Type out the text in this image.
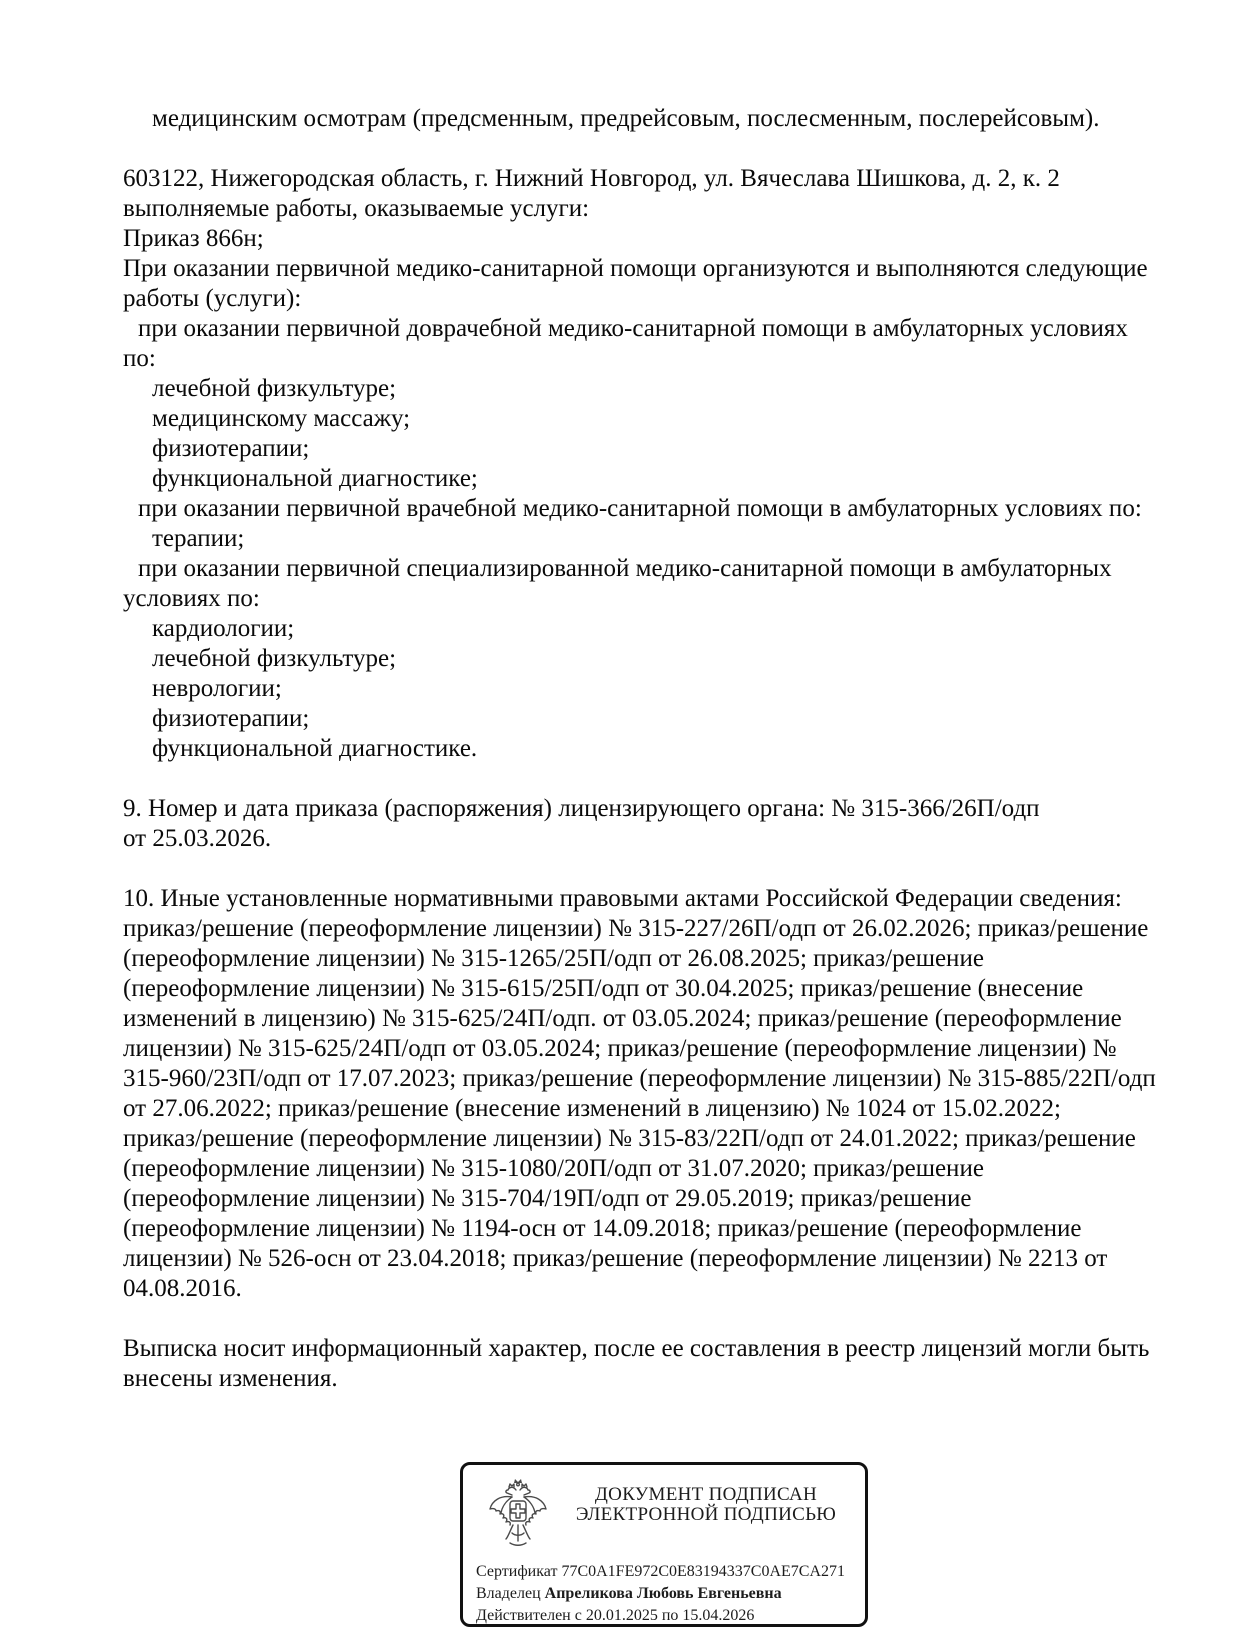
медицинским осмотрам (предсменным, предрейсовым, послесменным, послерейсовым).
603122, Нижегородская область, г. Нижний Новгород, ул. Вячеслава Шишкова, д. 2, к. 2
выполняемые работы, оказываемые услуги:
Приказ 866н;
При оказании первичной медико-санитарной помощи организуются и выполняются следующие
работы (услуги):
при оказании первичной доврачебной медико-санитарной помощи в амбулаторных условиях
по:
лечебной физкультуре;
медицинскому массажу;
физиотерапии;
функциональной диагностике;
при оказании первичной врачебной медико-санитарной помощи в амбулаторных условиях по:
терапии;
при оказании первичной специализированной медико-санитарной помощи в амбулаторных
условиях по:
кардиологии;
лечебной физкультуре;
неврологии;
физиотерапии;
функциональной диагностике.
9. Номер и дата приказа (распоряжения) лицензирующего органа: № 315-366/26П/одп
от 25.03.2026.
10. Иные установленные нормативными правовыми актами Российской Федерации сведения:
приказ/решение (переоформление лицензии) № 315-227/26П/одп от 26.02.2026; приказ/решение
(переоформление лицензии) № 315-1265/25П/одп от 26.08.2025; приказ/решение
(переоформление лицензии) № 315-615/25П/одп от 30.04.2025; приказ/решение (внесение
изменений в лицензию) № 315-625/24П/одп. от 03.05.2024; приказ/решение (переоформление
лицензии) № 315-625/24П/одп от 03.05.2024; приказ/решение (переоформление лицензии) №
315-960/23П/одп от 17.07.2023; приказ/решение (переоформление лицензии) № 315-885/22П/одп
от 27.06.2022; приказ/решение (внесение изменений в лицензию) № 1024 от 15.02.2022;
приказ/решение (переоформление лицензии) № 315-83/22П/одп от 24.01.2022; приказ/решение
(переоформление лицензии) № 315-1080/20П/одп от 31.07.2020; приказ/решение
(переоформление лицензии) № 315-704/19П/одп от 29.05.2019; приказ/решение
(переоформление лицензии) № 1194-осн от 14.09.2018; приказ/решение (переоформление
лицензии) № 526-осн от 23.04.2018; приказ/решение (переоформление лицензии) № 2213 от
04.08.2016.
Выписка носит информационный характер, после ее составления в реестр лицензий могли быть
внесены изменения.
ДОКУМЕНТ ПОДПИСАН
ЭЛЕКТРОННОЙ ПОДПИСЬЮ
Сертификат 77C0A1FE972C0E83194337C0AE7CA271
Владелец Апреликова Любовь Евгеньевна
Действителен с 20.01.2025 по 15.04.2026
